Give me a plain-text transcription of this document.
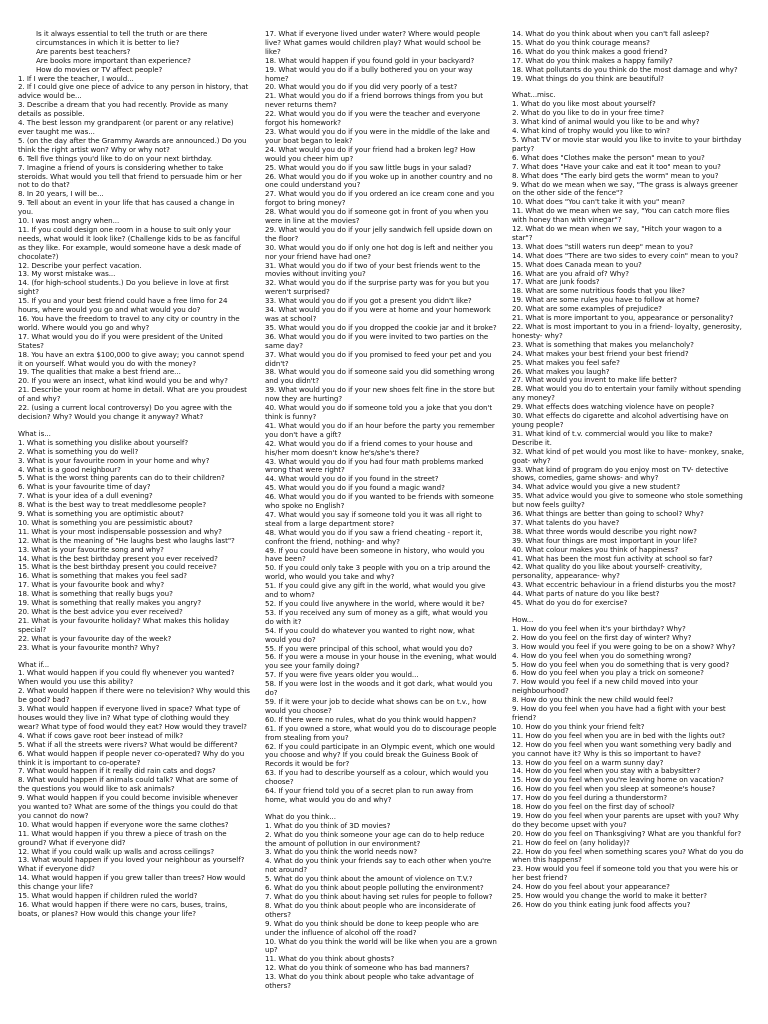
Is it always essential to tell the truth or are there circumstances in which it is better to lie?
Are parents best teachers?
Are books more important than experience?
How do movies or TV affect people?
1. If I were the teacher, I would...
2. If I could give one piece of advice to any person in history, that advice would be...
3. Describe a dream that you had recently. Provide as many details as possible.
4. The best lesson my grandparent (or parent or any relative) ever taught me was...
5. (on the day after the Grammy Awards are announced.) Do you think the right artist won? Why or why not?
6. Tell five things you'd like to do on your next birthday.
7. Imagine a friend of yours is considering whether to take steroids. What would you tell that friend to persuade him or her not to do that?
8. In 20 years, I will be...
9. Tell about an event in your life that has caused a change in you.
10. I was most angry when...
11. If you could design one room in a house to suit only your needs, what would it look like? (Challenge kids to be as fanciful as they like. For example, would someone have a desk made of chocolate?)
12. Describe your perfect vacation.
13. My worst mistake was...
14. (for high-school students.) Do you believe in love at first sight?
15. If you and your best friend could have a free limo for 24 hours, where would you go and what would you do?
16. You have the freedom to travel to any city or country in the world. Where would you go and why?
17. What would you do if you were president of the United States?
18. You have an extra $100,000 to give away; you cannot spend it on yourself. What would you do with the money?
19. The qualities that make a best friend are...
20. If you were an insect, what kind would you be and why?
21. Describe your room at home in detail. What are you proudest of and why?
22. (using a current local controversy) Do you agree with the decision? Why? Would you change it anyway? What?
What is...
1. What is something you dislike about yourself?
2. What is something you do well?
3. What is your favourite room in your home and why?
4. What is a good neighbour?
5. What is the worst thing parents can do to their children?
6. What is your favourite time of day?
7. What is your idea of a dull evening?
8. What is the best way to treat meddlesome people?
9. What is something you are optimistic about?
10. What is something you are pessimistic about?
11. What is your most indispensable possession and why?
12. What is the meaning of "He laughs best who laughs last"?
13. What is your favourite song and why?
14. What is the best birthday present you ever received?
15. What is the best birthday present you could receive?
16. What is something that makes you feel sad?
17. What is your favourite book and why?
18. What is something that really bugs you?
19. What is something that really makes you angry?
20. What is the best advice you ever received?
21. What is your favourite holiday? What makes this holiday special?
22. What is your favourite day of the week?
23. What is your favourite month? Why?
What if...
1. What would happen if you could fly whenever you wanted? When would you use this ability?
2. What would happen if there were no television? Why would this be good? bad?
3. What would happen if everyone lived in space? What type of houses would they live in? What type of clothing would they wear? What type of food would they eat? How would they travel?
4. What if cows gave root beer instead of milk?
5. What if all the streets were rivers? What would be different?
6. What would happen if people never co-operated? Why do you think it is important to co-operate?
7. What would happen if it really did rain cats and dogs?
8. What would happen if animals could talk? What are some of the questions you would like to ask animals?
9. What would happen if you could become invisible whenever you wanted to? What are some of the things you could do that you cannot do now?
10. What would happen if everyone wore the same clothes?
11. What would happen if you threw a piece of trash on the ground? What if everyone did?
12. What if you could walk up walls and across ceilings?
13. What would happen if you loved your neighbour as yourself? What if everyone did?
14. What would happen if you grew taller than trees? How would this change your life?
15. What would happen if children ruled the world?
16. What would happen if there were no cars, buses, trains, boats, or planes? How would this change your life?
17. What if everyone lived under water? Where would people live? What games would children play? What would school be like?
18. What would happen if you found gold in your backyard?
19. What would you do if a bully bothered you on your way home?
20. What would you do if you did very poorly of a test?
21. What would you do if a friend borrows things from you but never returns them?
22. What would you do if you were the teacher and everyone forgot his homework?
23. What would you do if you were in the middle of the lake and your boat began to leak?
24. What would you do if your friend had a broken leg? How would you cheer him up?
25. What would you do if you saw little bugs in your salad?
26. What would you do if you woke up in another country and no one could understand you?
27. What would you do if you ordered an ice cream cone and you forgot to bring money?
28. What would you do if someone got in front of you when you were in line at the movies?
29. What would you do if your jelly sandwich fell upside down on the floor?
30. What would you do if only one hot dog is left and neither you nor your friend have had one?
31. What would you do if two of your best friends went to the movies without inviting you?
32. What would you do if the surprise party was for you but you weren't surprised?
33. What would you do if you got a present you didn't like?
34. What would you do if you were at home and your homework was at school?
35. What would you do if you dropped the cookie jar and it broke?
36. What would you do if you were invited to two parties on the same day?
37. What would you do if you promised to feed your pet and you didn't?
38. What would you do if someone said you did something wrong and you didn't?
39. What would you do if your new shoes felt fine in the store but now they are hurting?
40. What would you do if someone told you a joke that you don't think is funny?
41. What would you do if an hour before the party you remember you don't have a gift?
42. What would you do if a friend comes to your house and his/her mom doesn't know he's/she's there?
43. What would you do if you had four math problems marked wrong that were right?
44. What would you do if you found in the street?
45. What would you do if you found a magic wand?
46. What would you do if you wanted to be friends with someone who spoke no English?
47. What would you say if someone told you it was all right to steal from a large department store?
48. What would you do if you saw a friend cheating - report it, confront the friend, nothing- and why?
49. If you could have been someone in history, who would you have been?
50. If you could only take 3 people with you on a trip around the world, who would you take and why?
51. If you could give any gift in the world, what would you give and to whom?
52. If you could live anywhere in the world, where would it be?
53. If you received any sum of money as a gift, what would you do with it?
54. If you could do whatever you wanted to right now, what would you do?
55. If you were principal of this school, what would you do?
56. If you were a mouse in your house in the evening, what would you see your family doing?
57. If you were five years older you would...
58. If you were lost in the woods and it got dark, what would you do?
59. If it were your job to decide what shows can be on t.v., how would you choose?
60. If there were no rules, what do you think would happen?
61. If you owned a store, what would you do to discourage people from stealing from you?
62. If you could participate in an Olympic event, which one would you choose and why? If you could break the Guiness Book of Records it would be for?
63. If you had to describe yourself as a colour, which would you choose?
64. If your friend told you of a secret plan to run away from home, what would you do and why?
What do you think...
1. What do you think of 3D movies?
2. What do you think someone your age can do to help reduce the amount of pollution in our environment?
3. What do you think the world needs now?
4. What do you think your friends say to each other when you're not around?
5. What do you think about the amount of violence on T.V.?
6. What do you think about people polluting the environment?
7. What do you think about having set rules for people to follow?
8. What do you think about people who are inconsiderate of others?
9. What do you think should be done to keep people who are under the influence of alcohol off the road?
10. What do you think the world will be like when you are a grown up?
11. What do you think about ghosts?
12. What do you think of someone who has bad manners?
13. What do you think about people who take advantage of others?
14. What do you think about when you can't fall asleep?
15. What do you think courage means?
16. What do you think makes a good friend?
17. What do you think makes a happy family?
18. What pollutants do you think do the most damage and why?
19. What things do you think are beautiful?
What...misc.
1. What do you like most about yourself?
2. What do you like to do in your free time?
3. What kind of animal would you like to be and why?
4. What kind of trophy would you like to win?
5. What TV or movie star would you like to invite to your birthday party?
6. What does "Clothes make the person" mean to you?
7. What does "Have your cake and eat it too" mean to you?
8. What does "The early bird gets the worm" mean to you?
9. What do we mean when we say, "The grass is always greener on the other side of the fence"?
10. What does "You can't take it with you" mean?
11. What do we mean when we say, "You can catch more flies with honey than with vinegar"?
12. What do we mean when we say, "Hitch your wagon to a star"?
13. What does "still waters run deep" mean to you?
14. What does "There are two sides to every coin" mean to you?
15. What does Canada mean to you?
16. What are you afraid of? Why?
17. What are junk foods?
18. What are some nutritious foods that you like?
19. What are some rules you have to follow at home?
20. What are some examples of prejudice?
21. What is more important to you, appearance or personality?
22. What is most important to you in a friend- loyalty, generosity, honesty- why?
23. What is something that makes you melancholy?
24. What makes your best friend your best friend?
25. What makes you feel safe?
26. What makes you laugh?
27. What would you invent to make life better?
28. What would you do to entertain your family without spending any money?
29. What effects does watching violence have on people?
30. What effects do cigarette and alcohol advertising have on young people?
31. What kind of t.v. commercial would you like to make? Describe it.
32. What kind of pet would you most like to have- monkey, snake, goat- why?
33. What kind of program do you enjoy most on TV- detective shows, comedies, game shows- and why?
34. What advice would you give a new student?
35. What advice would you give to someone who stole something but now feels guilty?
36. What things are better than going to school? Why?
37. What talents do you have?
38. What three words would describe you right now?
39. What four things are most important in your life?
40. What colour makes you think of happiness?
41. What has been the most fun activity at school so far?
42. What quality do you like about yourself- creativity, personality, appearance- why?
43. What eccentric behaviour in a friend disturbs you the most?
44. What parts of nature do you like best?
45. What do you do for exercise?
How...
1. How do you feel when it's your birthday? Why?
2. How do you feel on the first day of winter? Why?
3. How would you feel if you were going to be on a show? Why?
4. How do you feel when you do something wrong?
5. How do you feel when you do something that is very good?
6. How do you feel when you play a trick on someone?
7. How would you feel if a new child moved into your neighbourhood?
8. How do you think the new child would feel?
9. How do you feel when you have had a fight with your best friend?
10. How do you think your friend felt?
11. How do you feel when you are in bed with the lights out?
12. How do you feel when you want something very badly and you cannot have it? Why is this so important to have?
13. How do you feel on a warm sunny day?
14. How do you feel when you stay with a babysitter?
15. How do you feel when you're leaving home on vacation?
16. How do you feel when you sleep at someone's house?
17. How do you feel during a thunderstorm?
18. How do you feel on the first day of school?
19. How do you feel when your parents are upset with you? Why do they become upset with you?
20. How do you feel on Thanksgiving? What are you thankful for?
21. How do feel on (any holiday)?
22. How do you feel when something scares you? What do you do when this happens?
23. How would you feel if someone told you that you were his or her best friend?
24. How do you feel about your appearance?
25. How would you change the world to make it better?
26. How do you think eating junk food affects you?
